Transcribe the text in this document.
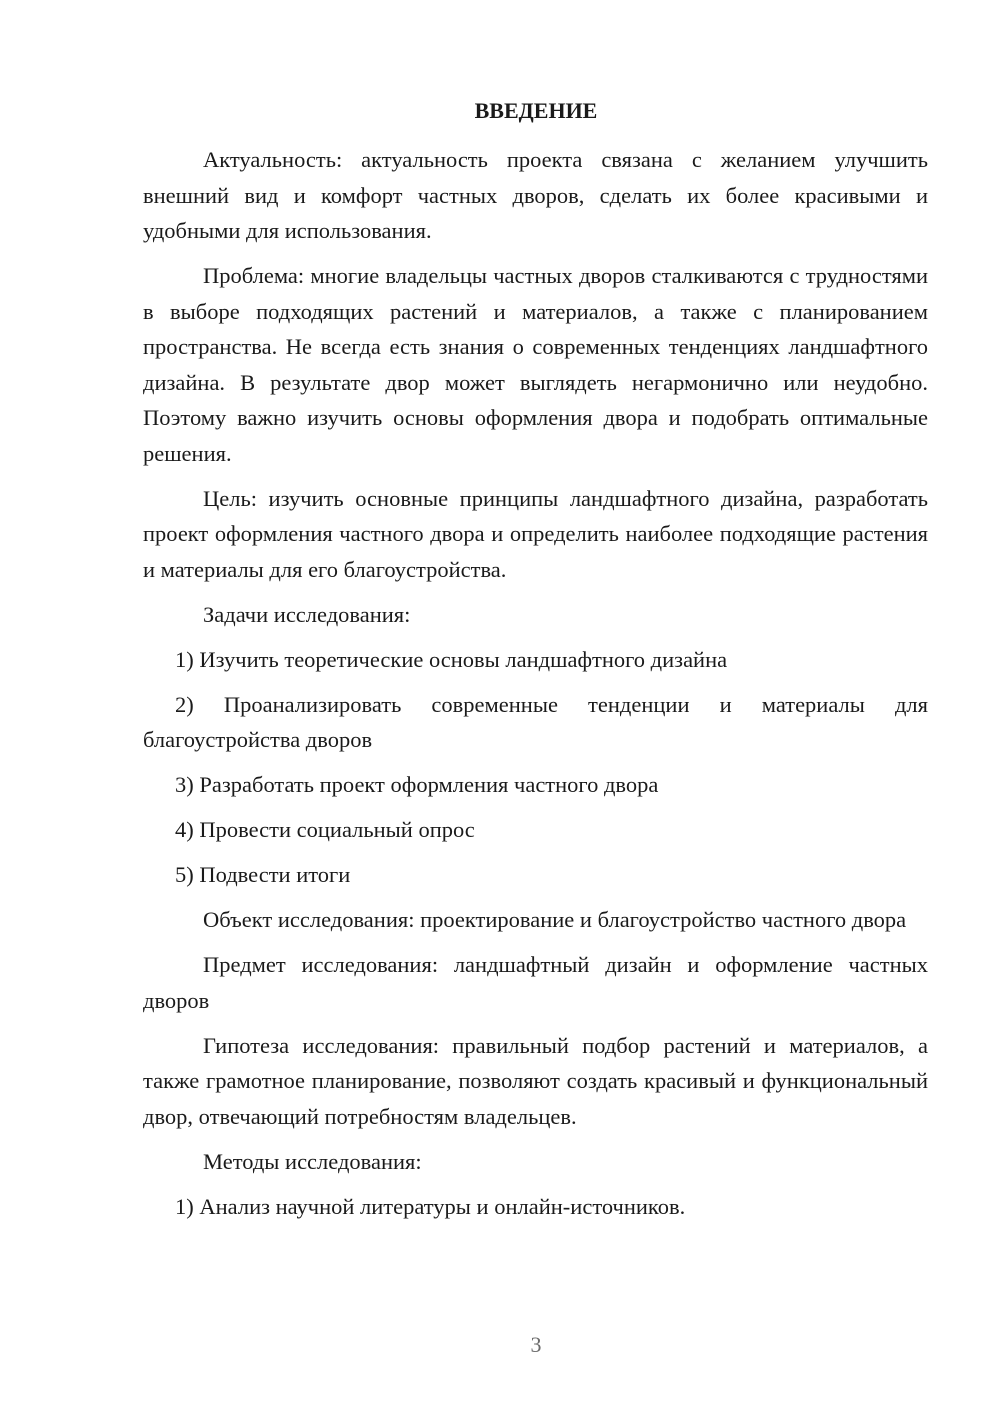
ВВЕДЕНИЕ

Актуальность: актуальность проекта связана с желанием улучшить внешний вид и комфорт частных дворов, сделать их более красивыми и удобными для использования.

Проблема: многие владельцы частных дворов сталкиваются с трудностями в выборе подходящих растений и материалов, а также с планированием пространства. Не всегда есть знания о современных тенденциях ландшафтного дизайна. В результате двор может выглядеть негармонично или неудобно. Поэтому важно изучить основы оформления двора и подобрать оптимальные решения.

Цель: изучить основные принципы ландшафтного дизайна, разработать проект оформления частного двора и определить наиболее подходящие растения и материалы для его благоустройства.

Задачи исследования:

1) Изучить теоретические основы ландшафтного дизайна

2) Проанализировать современные тенденции и материалы для благоустройства дворов

3) Разработать проект оформления частного двора

4) Провести социальный опрос

5) Подвести итоги

Объект исследования: проектирование и благоустройство частного двора

Предмет исследования: ландшафтный дизайн и оформление частных дворов

Гипотеза исследования: правильный подбор растений и материалов, а также грамотное планирование, позволяют создать красивый и функциональный двор, отвечающий потребностям владельцев.

Методы исследования:

1) Анализ научной литературы и онлайн-источников.

3
